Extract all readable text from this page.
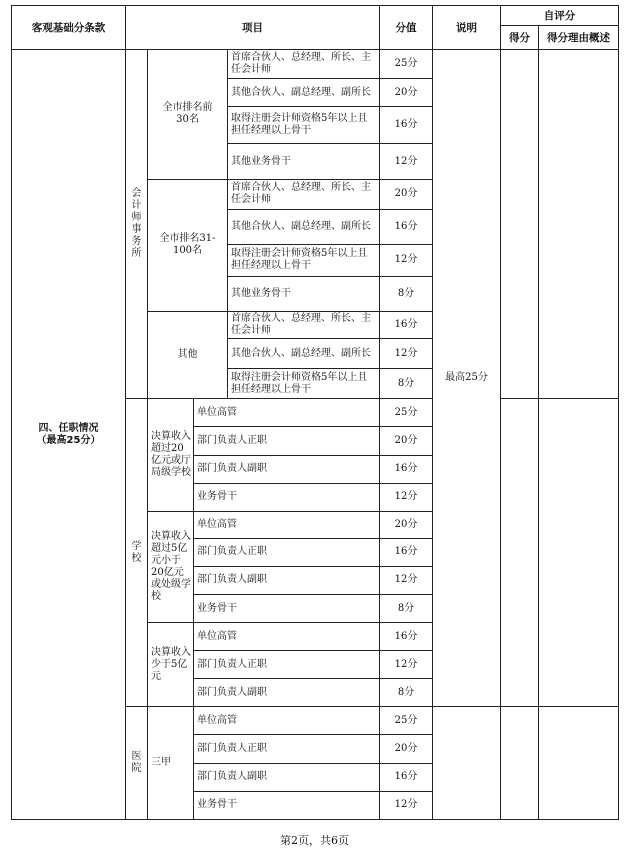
客观基础分条款	项目				分值	说明	自评分	
							得分	得分理由概述

四、任职情况
（最高25分）	会计师事务所	全市排名前30名		首席合伙人、总经理、所长、主任会计师	25分	最高25分		
				其他合伙人、副总经理、副所长	20分			
				取得注册会计师资格5年以上且担任经理以上骨干	16分			
				其他业务骨干	12分			
		全市排名31-100名		首席合伙人、总经理、所长、主任会计师	20分			
				其他合伙人、副总经理、副所长	16分			
				取得注册会计师资格5年以上且担任经理以上骨干	12分			
				其他业务骨干	8分			
		其他		首席合伙人、总经理、所长、主任会计师	16分			
				其他合伙人、副总经理、副所长	12分			
				取得注册会计师资格5年以上且担任经理以上骨干	8分			
	学校	决算收入超过20亿元或厅局级学校	单位高管		25分			
			部门负责人正职		20分			
			部门负责人副职		16分			
			业务骨干		12分			
		决算收入超过5亿元小于20亿元或处级学校	单位高管		20分			
			部门负责人正职		16分			
			部门负责人副职		12分			
			业务骨干		8分			
		决算收入少于5亿元	单位高管		16分			
			部门负责人正职		12分			
			部门负责人副职		8分			
	医院	三甲	单位高管		25分			
			部门负责人正职		20分			
			部门负责人副职		16分			
			业务骨干		12分			
第2页，共6页
